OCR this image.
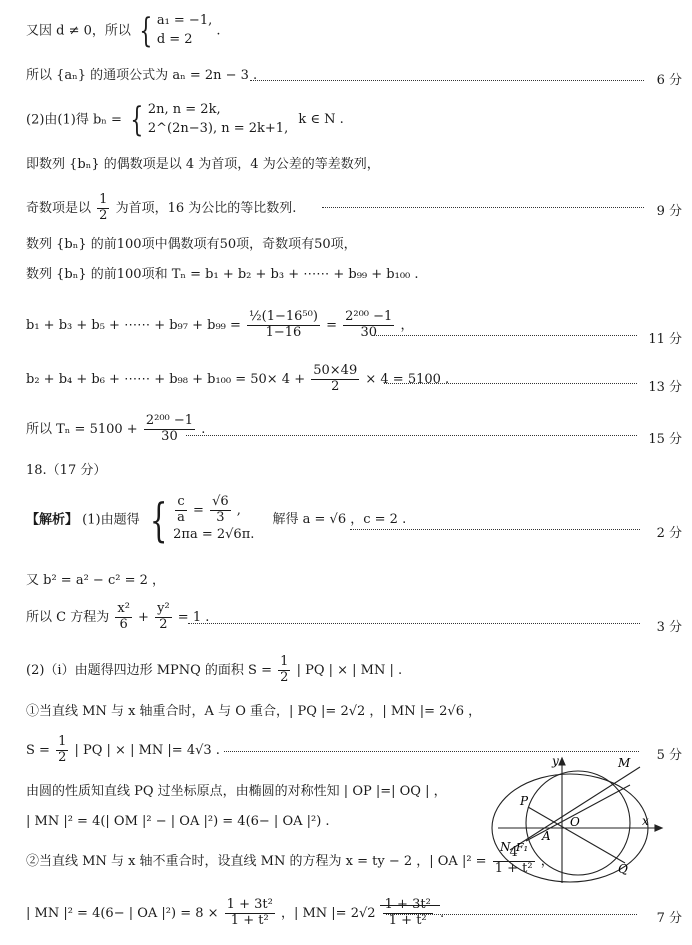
又因 d ≠ 0，所以 { a₁ = −1,
d = 2
.
所以 {aₙ} 的通项公式为 aₙ = 2n − 3 .	6 分
(2)由(1)得 bₙ = { 2n, n = 2k,
2^(2n−3), n = 2k+1,
k ∈ N .
即数列 {bₙ} 的偶数项是以 4 为首项，4 为公差的等差数列，
奇数项是以 $\frac{1}{2}$ 为首项，16 为公比的等比数列.	9 分
数列 {bₙ} 的前100项中偶数项有50项，奇数项有50项，
数列 {bₙ} 的前100项和 Tₙ = b₁ + b₂ + b₃ + ⋯⋯ + b₉₉ + b₁₀₀ .
b₁ + b₃ + b₅ + ⋯⋯ + $b_{97} + b_{99} = \frac{\text{½(1−16⁵⁰)}}{1-16} = \frac{\text{2²⁰⁰ −1}}{30}$ ，
11 分
b₂ + b₄ + b₆ + ⋯⋯ + $b_{98} + b_{100} = 50\times 4 + \frac{50\times 49}{2} \times 4 = 5100$ .
13 分
所以 $T_n = 5100 + \frac{\text{2²⁰⁰ −1}}{30}$ .
15 分
18.（17 分）
【解析】 (1)由题得 { $\frac{c}{a} = \frac{√6}{3}$ ,
2πa = 2√6π.
解得 a = √6 ，c = 2 .
2 分
又 b² = a² − c² = 2 ，
所以 C 方程为 $\frac{\text{x²}}{6} + \frac{\text{y²}}{2} = 1$ .
3 分
(2)（i）由题得四边形 MPNQ 的面积 $S = \frac{1}{2}$ | PQ | × | MN | .
①当直线 MN 与 x 轴重合时，A 与 O 重合，| PQ |= 2√2 ，| MN |= 2√6 ，
$S = \frac{1}{2}$ | PQ | × | MN |= 4√3 .	5 分
由圆的性质知直线 PQ 过坐标原点，由椭圆的对称性知 | OP |=| OQ | ，
| MN |² = 4(| OM |² − | OA |²) = 4(6− | OA |²) .
②当直线 MN 与 x 轴不重合时，设直线 MN 的方程为 x = ty − 2 ，| OA $|^2 = \frac{4}{\text{1 + t²}}$ ，
| MN |² = 4(6− | OA $|^2) = 8 \times \frac{\text{1 + 3t²}}{\text{1 + t²}}$ ，| MN |= $2√2 \frac{\text{1 + 3t²}}{\text{1 + t²}}$ .	7 分
y
x
M
P
A
O
N F₁
Q
